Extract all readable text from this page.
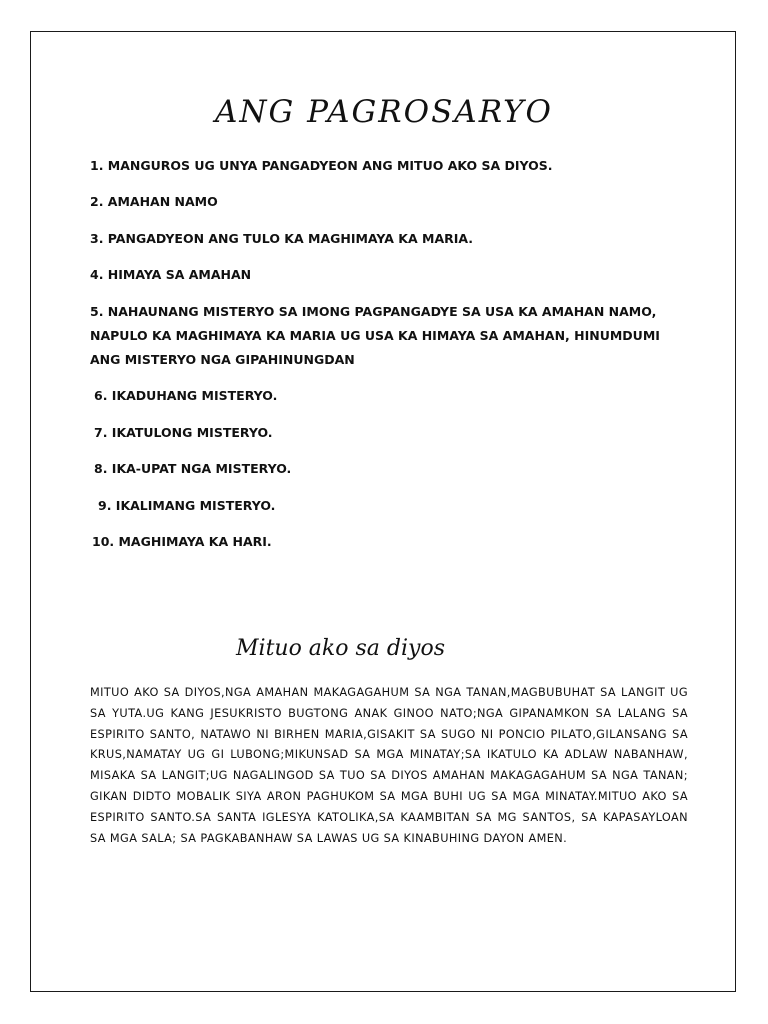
ANG PAGROSARYO
1. MANGUROS UG UNYA PANGADYEON ANG MITUO AKO SA DIYOS.
2. AMAHAN NAMO
3. PANGADYEON ANG TULO KA MAGHIMAYA KA MARIA.
4. HIMAYA SA AMAHAN
5. NAHAUNANG MISTERYO SA IMONG PAGPANGADYE SA USA KA AMAHAN NAMO, NAPULO KA MAGHIMAYA KA MARIA UG USA KA HIMAYA SA AMAHAN, HINUMDUMI ANG MISTERYO NGA GIPAHINUNGDAN
6. IKADUHANG MISTERYO.
7. IKATULONG MISTERYO.
8. IKA-UPAT NGA MISTERYO.
9. IKALIMANG MISTERYO.
10. MAGHIMAYA KA HARI.
Mituo ako sa diyos

MITUO AKO SA DIYOS,NGA AMAHAN MAKAGAGAHUM SA NGA TANAN,MAGBUBUHAT SA LANGIT UG SA YUTA.UG KANG JESUKRISTO BUGTONG ANAK GINOO NATO;NGA GIPANAMKON SA LALANG SA ESPIRITO SANTO, NATAWO NI BIRHEN MARIA,GISAKIT SA SUGO NI PONCIO PILATO,GILANSANG SA KRUS,NAMATAY UG GI LUBONG;MIKUNSAD SA MGA MINATAY;SA IKATULO KA ADLAW NABANHAW, MISAKA SA LANGIT;UG NAGALINGOD SA TUO SA DIYOS AMAHAN MAKAGAGAHUM SA NGA TANAN; GIKAN DIDTO MOBALIK SIYA ARON PAGHUKOM SA MGA BUHI UG SA MGA MINATAY.MITUO AKO SA ESPIRITO SANTO.SA SANTA IGLESYA KATOLIKA,SA KAAMBITAN SA MG SANTOS, SA KAPASAYLOAN SA MGA SALA; SA PAGKABANHAW SA LAWAS UG SA KINABUHING DAYON AMEN.
